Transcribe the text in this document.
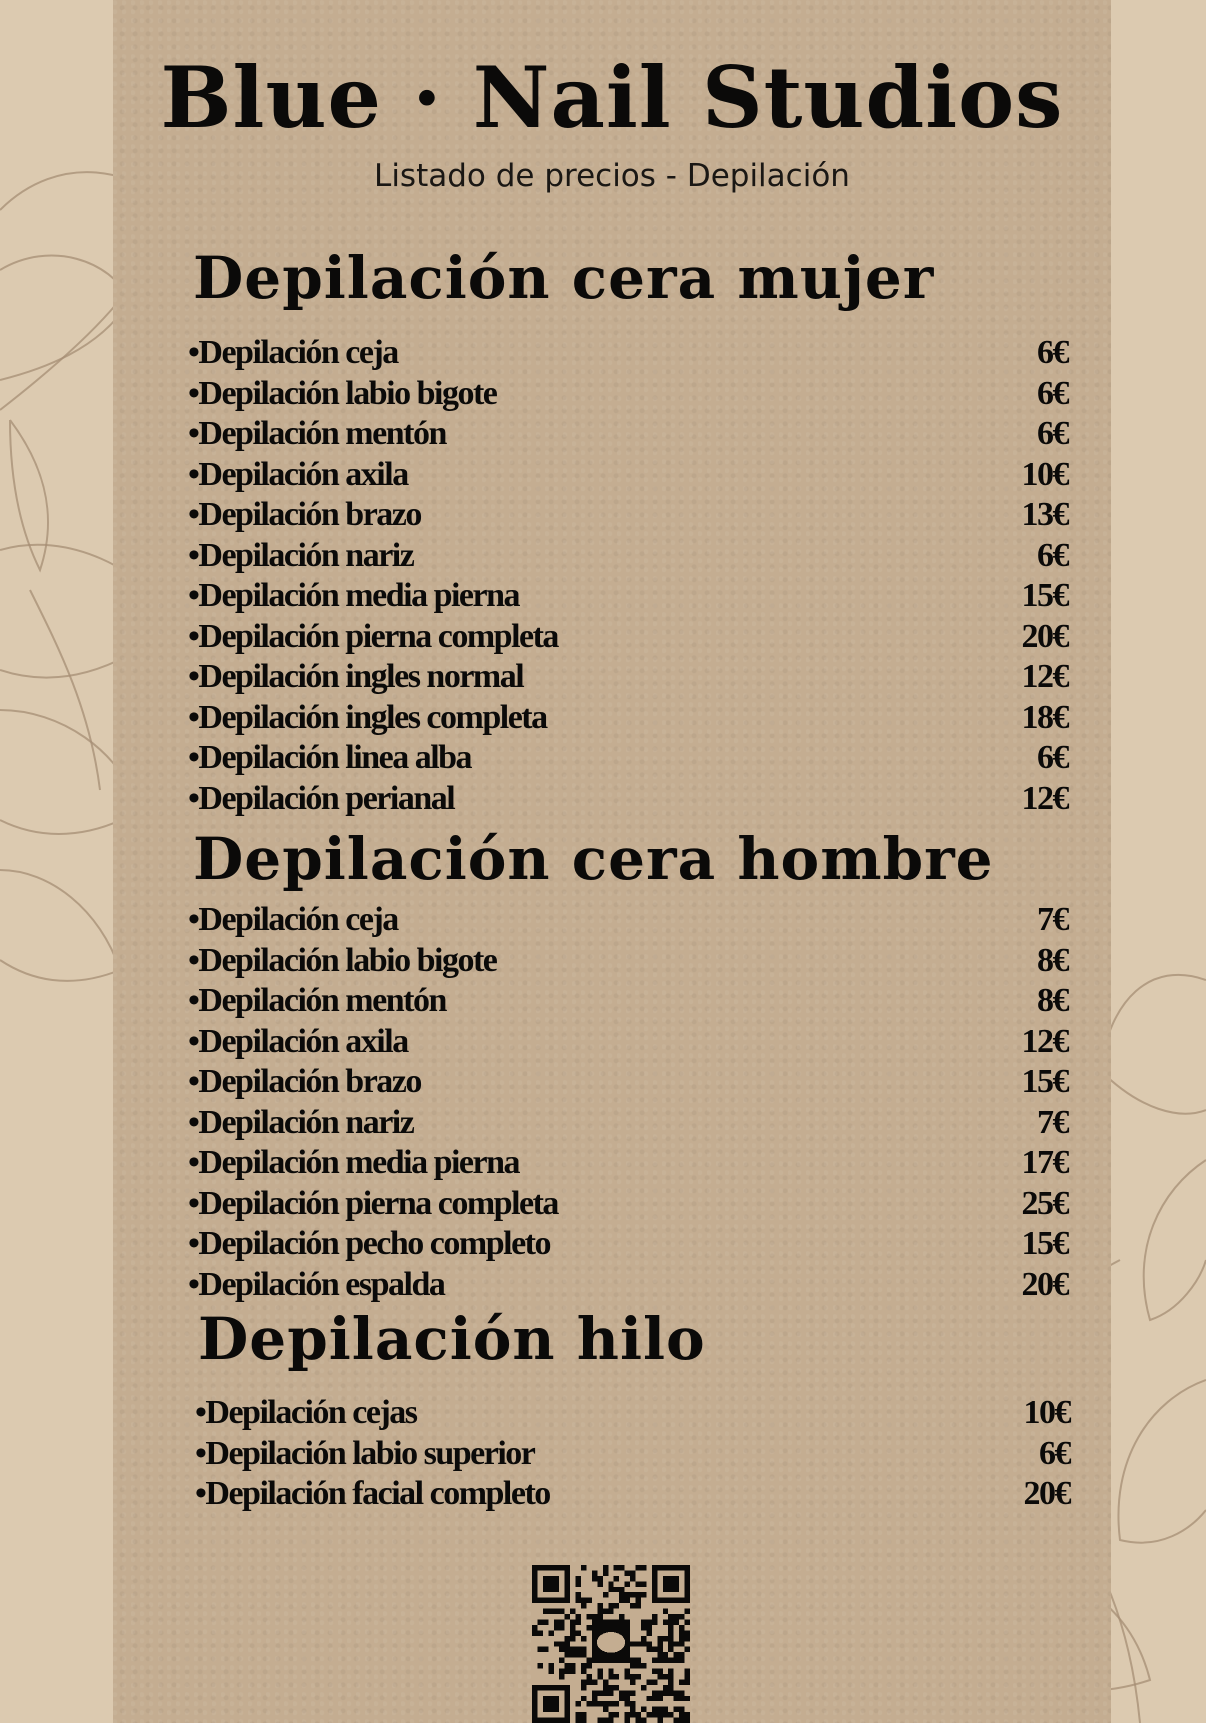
Blue · Nail Studios
Listado de precios - Depilación
Depilación cera mujer
• Depilación ceja	6€
• Depilación labio bigote	6€
• Depilación mentón	6€
• Depilación axila	10€
• Depilación brazo	13€
• Depilación nariz	6€
• Depilación media pierna	15€
• Depilación pierna completa	20€
• Depilación ingles normal	12€
• Depilación ingles completa	18€
• Depilación linea alba	6€
• Depilación perianal	12€
Depilación cera hombre
• Depilación ceja	7€
• Depilación labio bigote	8€
• Depilación mentón	8€
• Depilación axila	12€
• Depilación brazo	15€
• Depilación nariz	7€
• Depilación media pierna	17€
• Depilación pierna completa	25€
• Depilación pecho completo	15€
• Depilación espalda	20€
Depilación hilo
• Depilación cejas	10€
• Depilación labio superior	6€
• Depilación facial completo	20€
